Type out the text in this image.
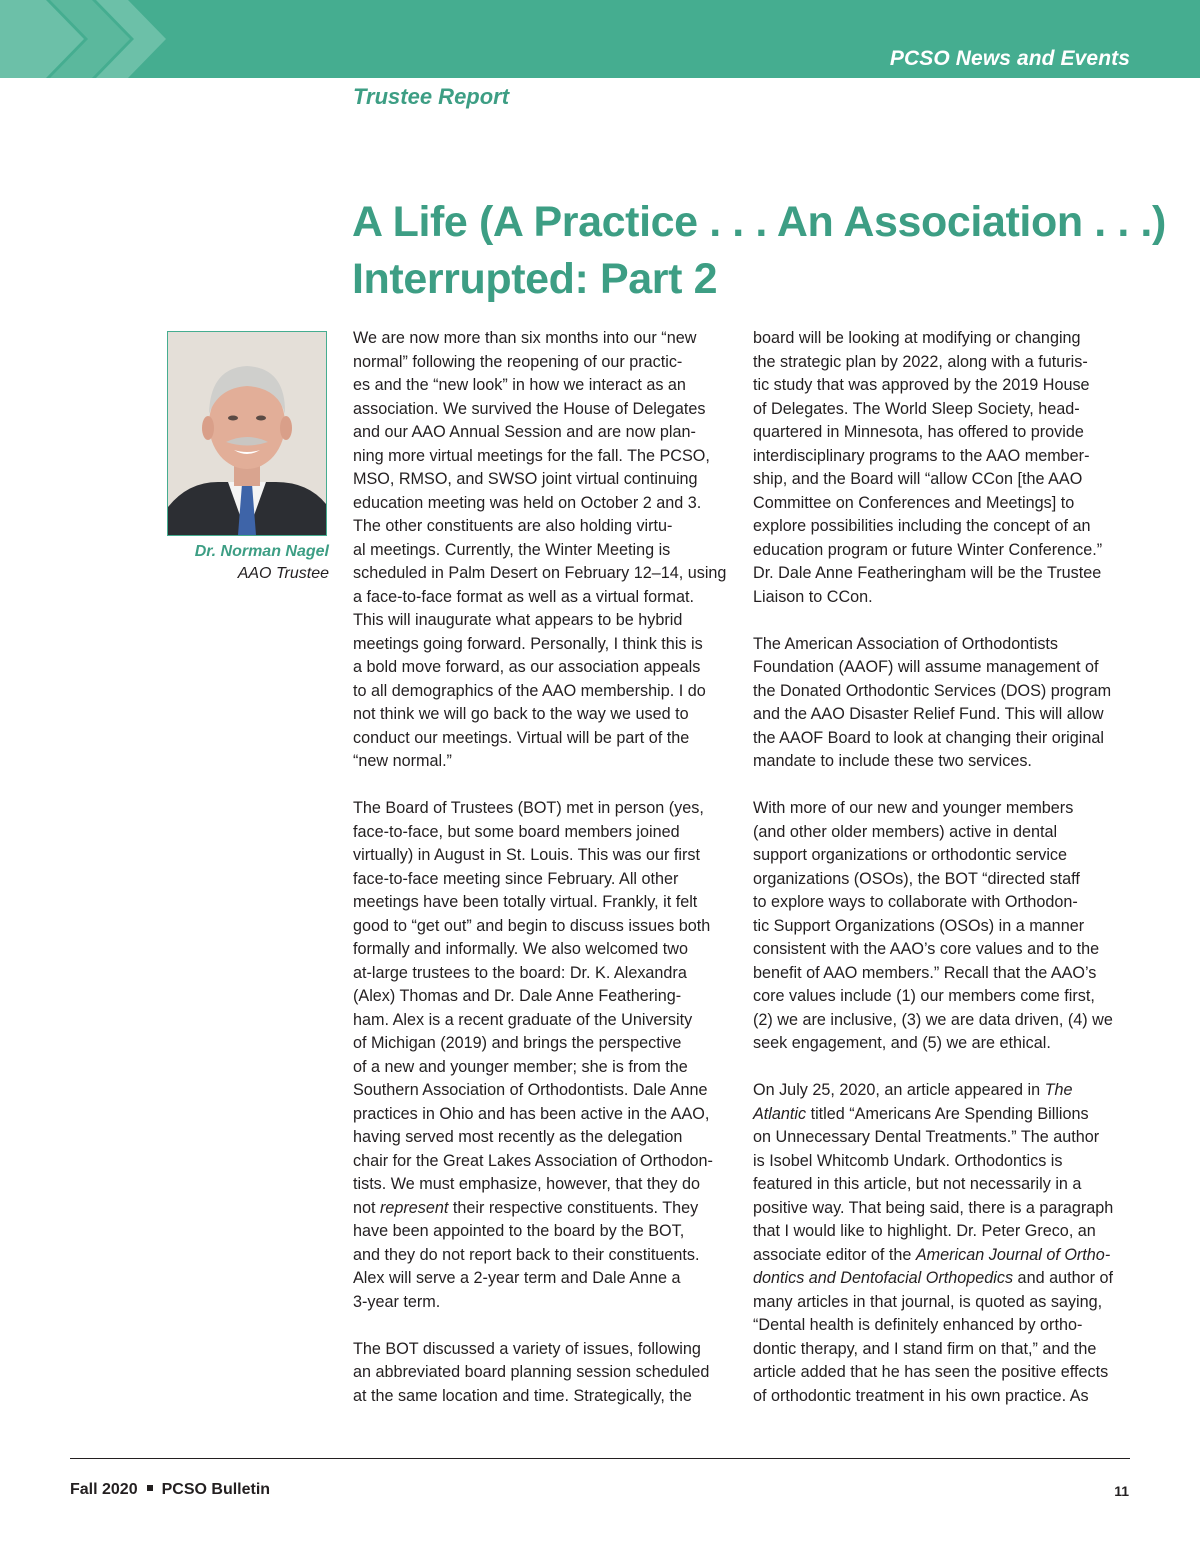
PCSO News and Events
Trustee Report
A Life (A Practice . . . An Association . . .)
Interrupted: Part 2
Dr. Norman Nagel
AAO Trustee

We are now more than six months into our “new
normal” following the reopening of our practic-
es and the “new look” in how we interact as an
association. We survived the House of Delegates
and our AAO Annual Session and are now plan-
ning more virtual meetings for the fall. The PCSO,
MSO, RMSO, and SWSO joint virtual continuing
education meeting was held on October 2 and 3.
The other constituents are also holding virtu-
al meetings. Currently, the Winter Meeting is
scheduled in Palm Desert on February 12–14, using
a face-to-face format as well as a virtual format.
This will inaugurate what appears to be hybrid
meetings going forward. Personally, I think this is
a bold move forward, as our association appeals
to all demographics of the AAO membership. I do
not think we will go back to the way we used to
conduct our meetings. Virtual will be part of the
“new normal.”

The Board of Trustees (BOT) met in person (yes,
face-to-face, but some board members joined
virtually) in August in St. Louis. This was our first
face-to-face meeting since February. All other
meetings have been totally virtual. Frankly, it felt
good to “get out” and begin to discuss issues both
formally and informally. We also welcomed two
at-large trustees to the board: Dr. K. Alexandra
(Alex) Thomas and Dr. Dale Anne Feathering-
ham. Alex is a recent graduate of the University
of Michigan (2019) and brings the perspective
of a new and younger member; she is from the
Southern Association of Orthodontists. Dale Anne
practices in Ohio and has been active in the AAO,
having served most recently as the delegation
chair for the Great Lakes Association of Orthodon-
tists. We must emphasize, however, that they do
not represent their respective constituents. They
have been appointed to the board by the BOT,
and they do not report back to their constituents.
Alex will serve a 2-year term and Dale Anne a
3-year term.

The BOT discussed a variety of issues, following
an abbreviated board planning session scheduled
at the same location and time. Strategically, the

board will be looking at modifying or changing
the strategic plan by 2022, along with a futuris-
tic study that was approved by the 2019 House
of Delegates. The World Sleep Society, head-
quartered in Minnesota, has offered to provide
interdisciplinary programs to the AAO member-
ship, and the Board will “allow CCon [the AAO
Committee on Conferences and Meetings] to
explore possibilities including the concept of an
education program or future Winter Conference.”
Dr. Dale Anne Featheringham will be the Trustee
Liaison to CCon.

The American Association of Orthodontists
Foundation (AAOF) will assume management of
the Donated Orthodontic Services (DOS) program
and the AAO Disaster Relief Fund. This will allow
the AAOF Board to look at changing their original
mandate to include these two services.

With more of our new and younger members
(and other older members) active in dental
support organizations or orthodontic service
organizations (OSOs), the BOT “directed staff
to explore ways to collaborate with Orthodon-
tic Support Organizations (OSOs) in a manner
consistent with the AAO’s core values and to the
benefit of AAO members.” Recall that the AAO’s
core values include (1) our members come first,
(2) we are inclusive, (3) we are data driven, (4) we
seek engagement, and (5) we are ethical.

On July 25, 2020, an article appeared in The
Atlantic titled “Americans Are Spending Billions
on Unnecessary Dental Treatments.” The author
is Isobel Whitcomb Undark. Orthodontics is
featured in this article, but not necessarily in a
positive way. That being said, there is a paragraph
that I would like to highlight. Dr. Peter Greco, an
associate editor of the American Journal of Ortho-
dontics and Dentofacial Orthopedics and author of
many articles in that journal, is quoted as saying,
“Dental health is definitely enhanced by ortho-
dontic therapy, and I stand firm on that,” and the
article added that he has seen the positive effects
of orthodontic treatment in his own practice. As

Fall 2020 PCSO Bulletin	11
